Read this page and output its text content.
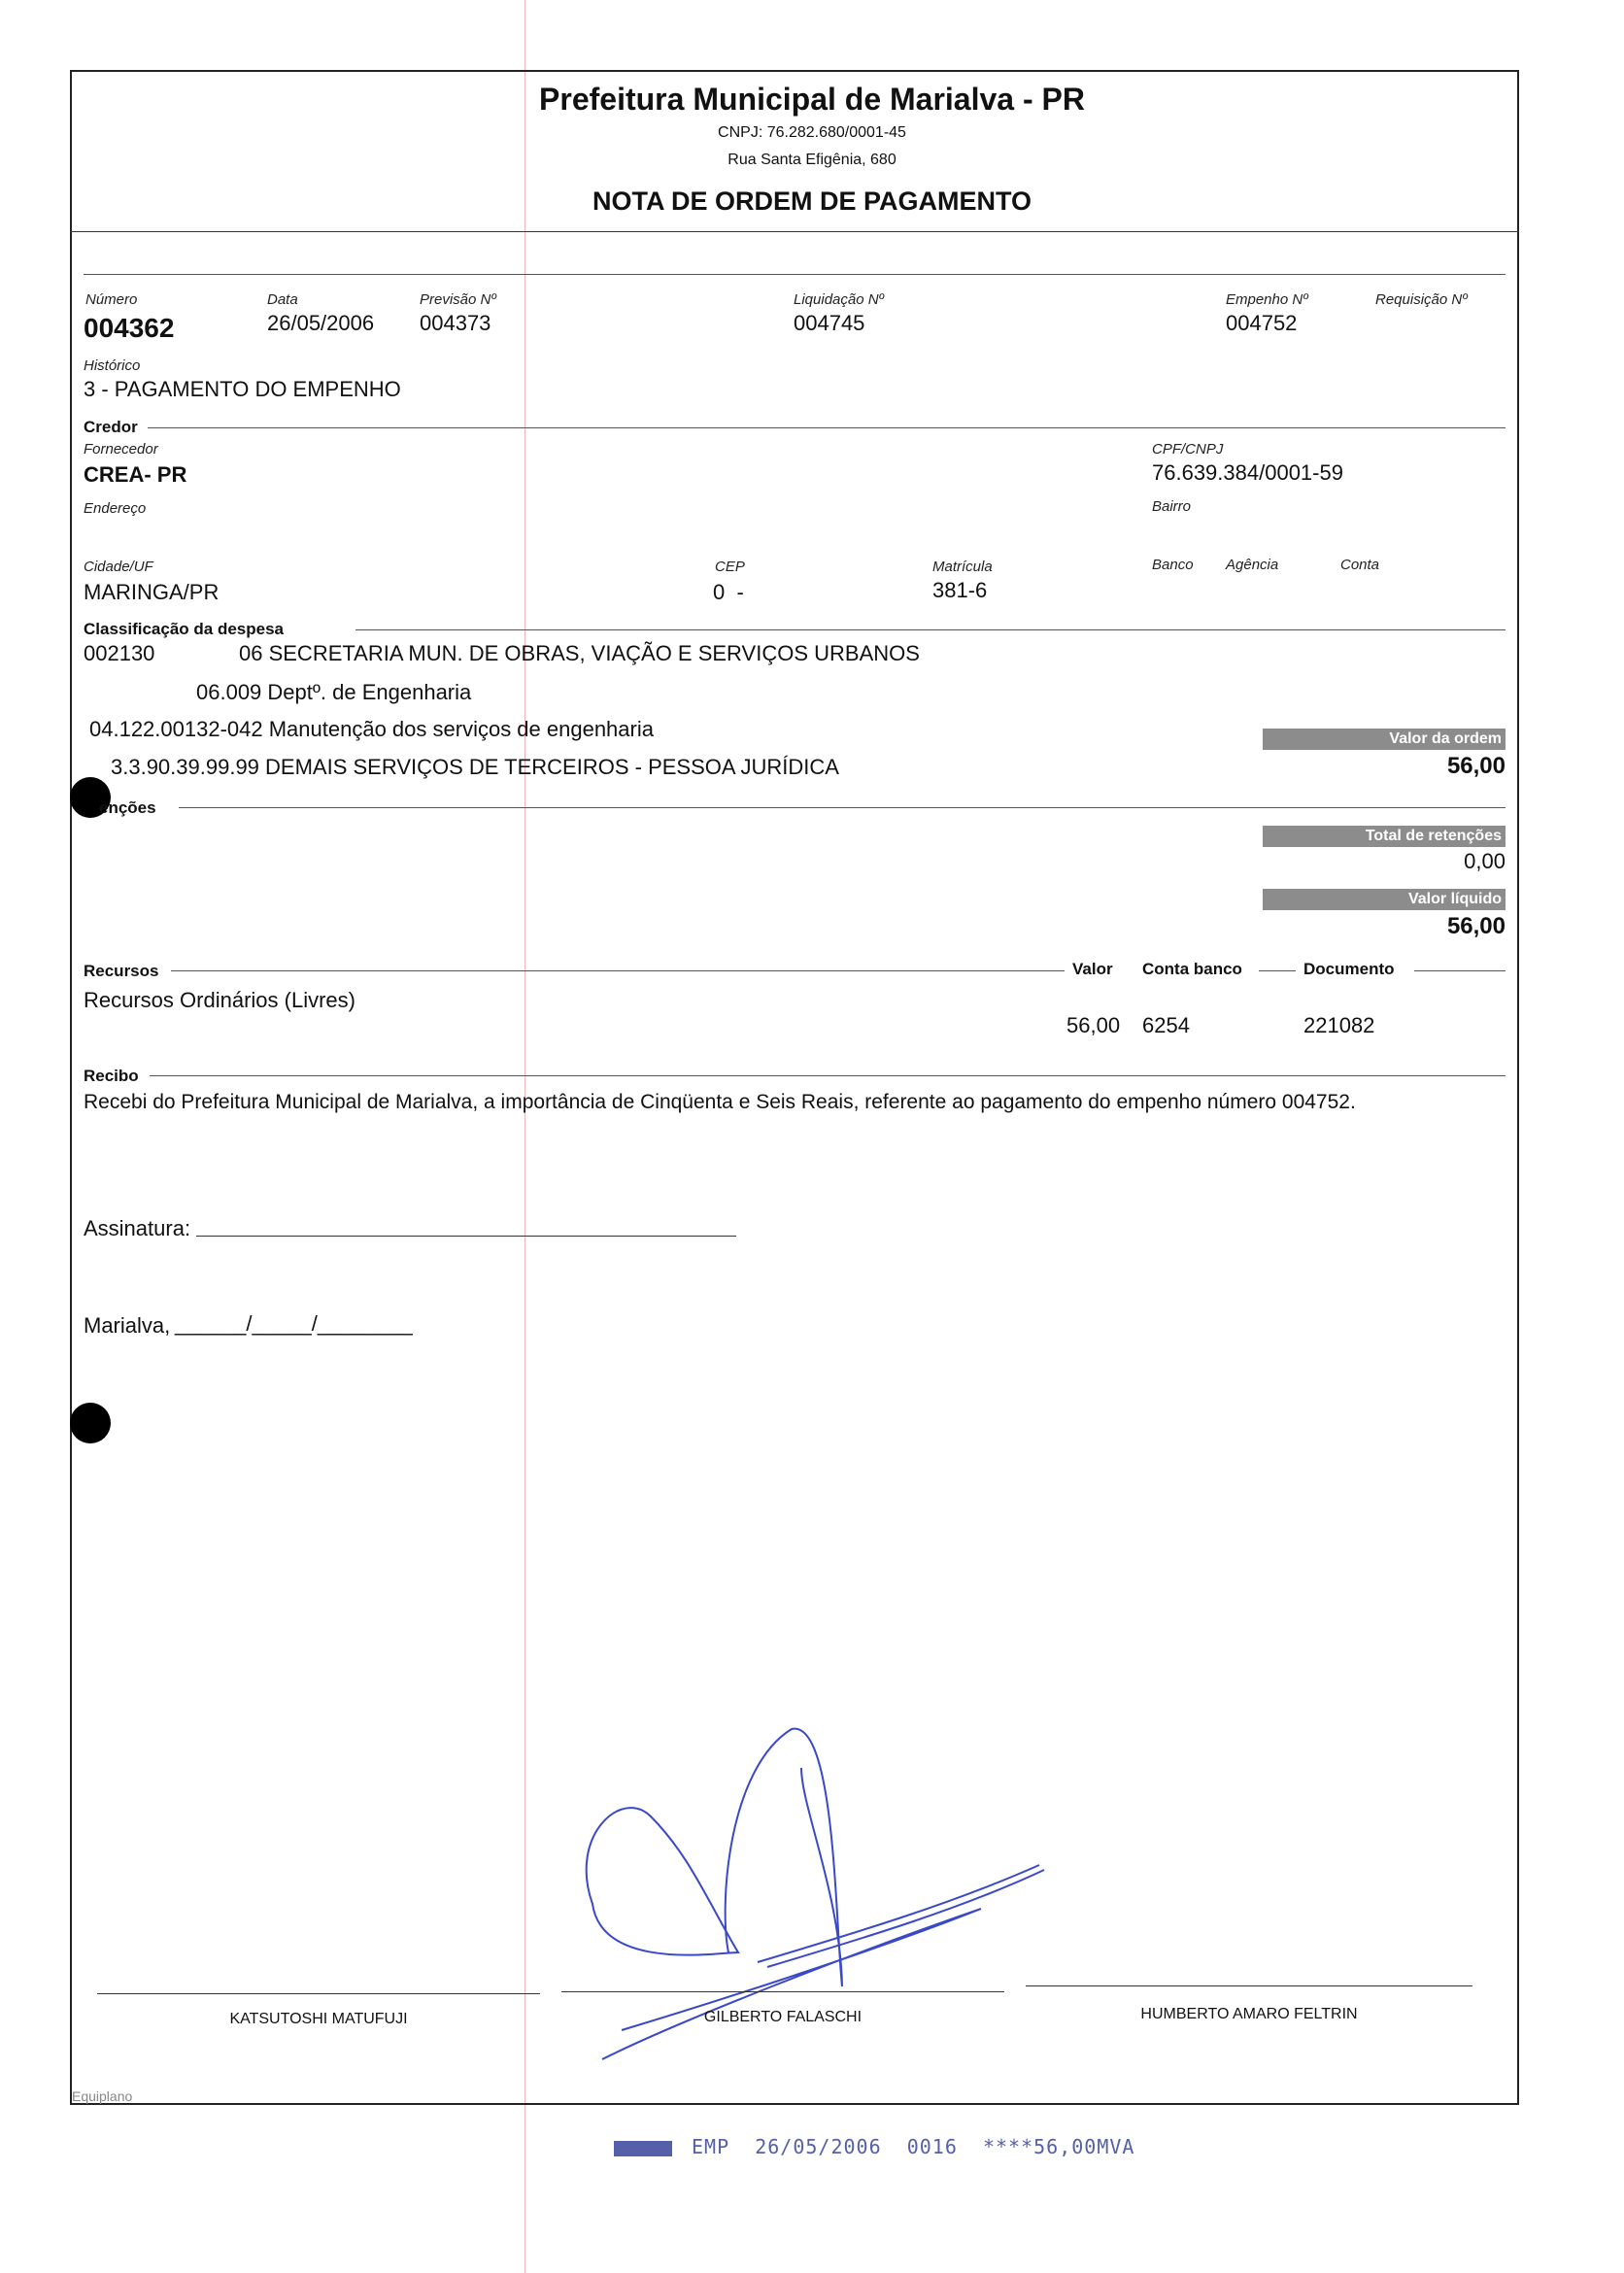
Prefeitura Municipal de Marialva - PR
CNPJ: 76.282.680/0001-45
Rua Santa Efigênia, 680
NOTA DE ORDEM DE PAGAMENTO
Número
004362
Data
26/05/2006
Previsão Nº
004373
Liquidação Nº
004745
Empenho Nº
004752
Requisição Nº
Histórico
3 - PAGAMENTO DO EMPENHO
Credor
Fornecedor
CREA- PR
CPF/CNPJ
76.639.384/0001-59
Endereço	Bairro
Cidade/UF
MARINGA/PR
CEP
0  -
Matrícula
381-6
Banco Agência	Conta
Classificação da despesa
002130	06 SECRETARIA MUN. DE OBRAS, VIAÇÃO E SERVIÇOS URBANOS
06.009 Deptº. de Engenharia
04.122.00132-042 Manutenção dos serviços de engenharia
3.3.90.39.99.99 DEMAIS SERVIÇOS DE TERCEIROS - PESSOA JURÍDICA
Valor da ordem
56,00
enções
Total de retenções
0,00
Valor líquido
56,00
Recursos	Valor Conta banco	Documento
Recursos Ordinários (Livres)
56,00 6254	221082
Recibo
Recebi do Prefeitura Municipal de Marialva, a importância de Cinqüenta e Seis Reais, referente ao pagamento do empenho número 004752.
Assinatura:
Marialva, ______/_____/________
KATSUTOSHI MATUFUJI	GILBERTO FALASCHI	HUMBERTO AMARO FELTRIN
Equiplano
EMP  26/05/2006  0016  ****56,00MVA
